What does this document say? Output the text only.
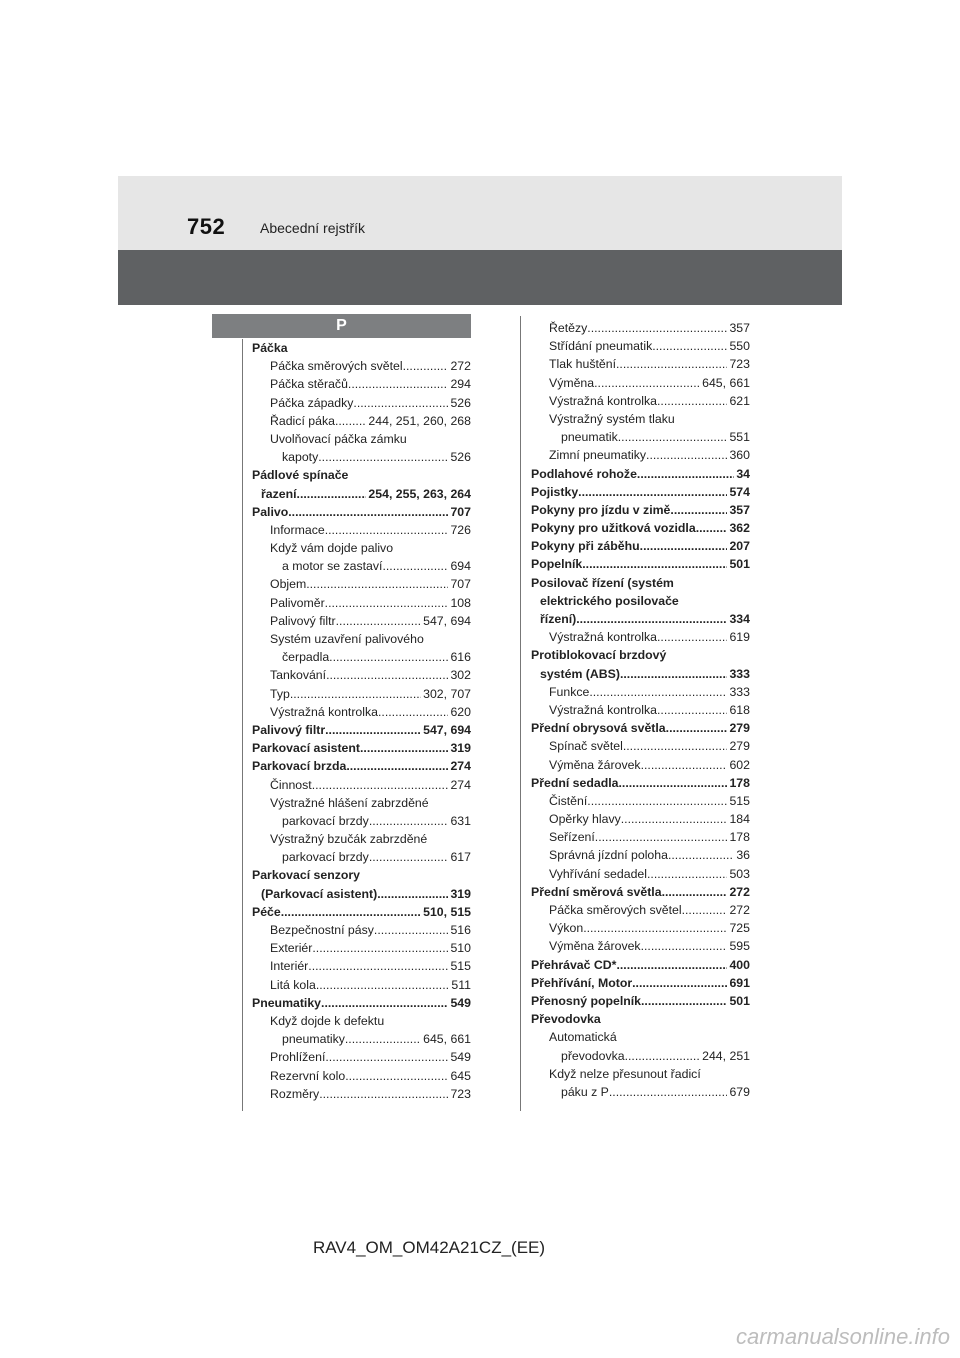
752 Abecední rejstřík
P
Páčka
Páčka směrových světel .....	272
Páčka stěračů .....	294
Páčka západky .....	526
Řadicí páka .....	244, 251, 260, 268
Uvolňovací páčka zámku
kapoty .....	526
Pádlové spínače
řazení .....	254, 255, 263, 264
Palivo .....	707
Informace .....	726
Když vám dojde palivo
a motor se zastaví .....	694
Objem .....	707
Palivoměr .....	108
Palivový filtr .....	547, 694
Systém uzavření palivového
čerpadla .....	616
Tankování .....	302
Typ .....	302, 707
Výstražná kontrolka .....	620
Palivový filtr .....	547, 694
Parkovací asistent .....	319
Parkovací brzda .....	274
Činnost .....	274
Výstražné hlášení zabrzděné
parkovací brzdy .....	631
Výstražný bzučák zabrzděné
parkovací brzdy .....	617
Parkovací senzory
(Parkovací asistent) .....	319
Péče .....	510, 515
Bezpečnostní pásy .....	516
Exteriér .....	510
Interiér .....	515
Litá kola .....	511
Pneumatiky .....	549
Když dojde k defektu
pneumatiky .....	645, 661
Prohlížení .....	549
Rezervní kolo .....	645
Rozměry .....	723
Řetězy .....	357
Střídání pneumatik .....	550
Tlak huštění .....	723
Výměna .....	645, 661
Výstražná kontrolka .....	621
Výstražný systém tlaku
pneumatik .....	551
Zimní pneumatiky .....	360
Podlahové rohože .....	34
Pojistky .....	574
Pokyny pro jízdu v zimě .....	357
Pokyny pro užitková vozidla .....	362
Pokyny při záběhu .....	207
Popelník .....	501
Posilovač řízení (systém
elektrického posilovače
řízení) .....	334
Výstražná kontrolka .....	619
Protiblokovací brzdový
systém (ABS) .....	333
Funkce .....	333
Výstražná kontrolka .....	618
Přední obrysová světla .....	279
Spínač světel .....	279
Výměna žárovek .....	602
Přední sedadla .....	178
Čistění .....	515
Opěrky hlavy .....	184
Seřízení .....	178
Správná jízdní poloha .....	36
Vyhřívání sedadel .....	503
Přední směrová světla .....	272
Páčka směrových světel .....	272
Výkon .....	725
Výměna žárovek .....	595
Přehrávač CD* .....	400
Přehřívání, Motor .....	691
Přenosný popelník .....	501
Převodovka
Automatická
převodovka .....	244, 251
Když nelze přesunout řadicí
páku z P .....	679
RAV4_OM_OM42A21CZ_(EE)
carmanualsonline.info
